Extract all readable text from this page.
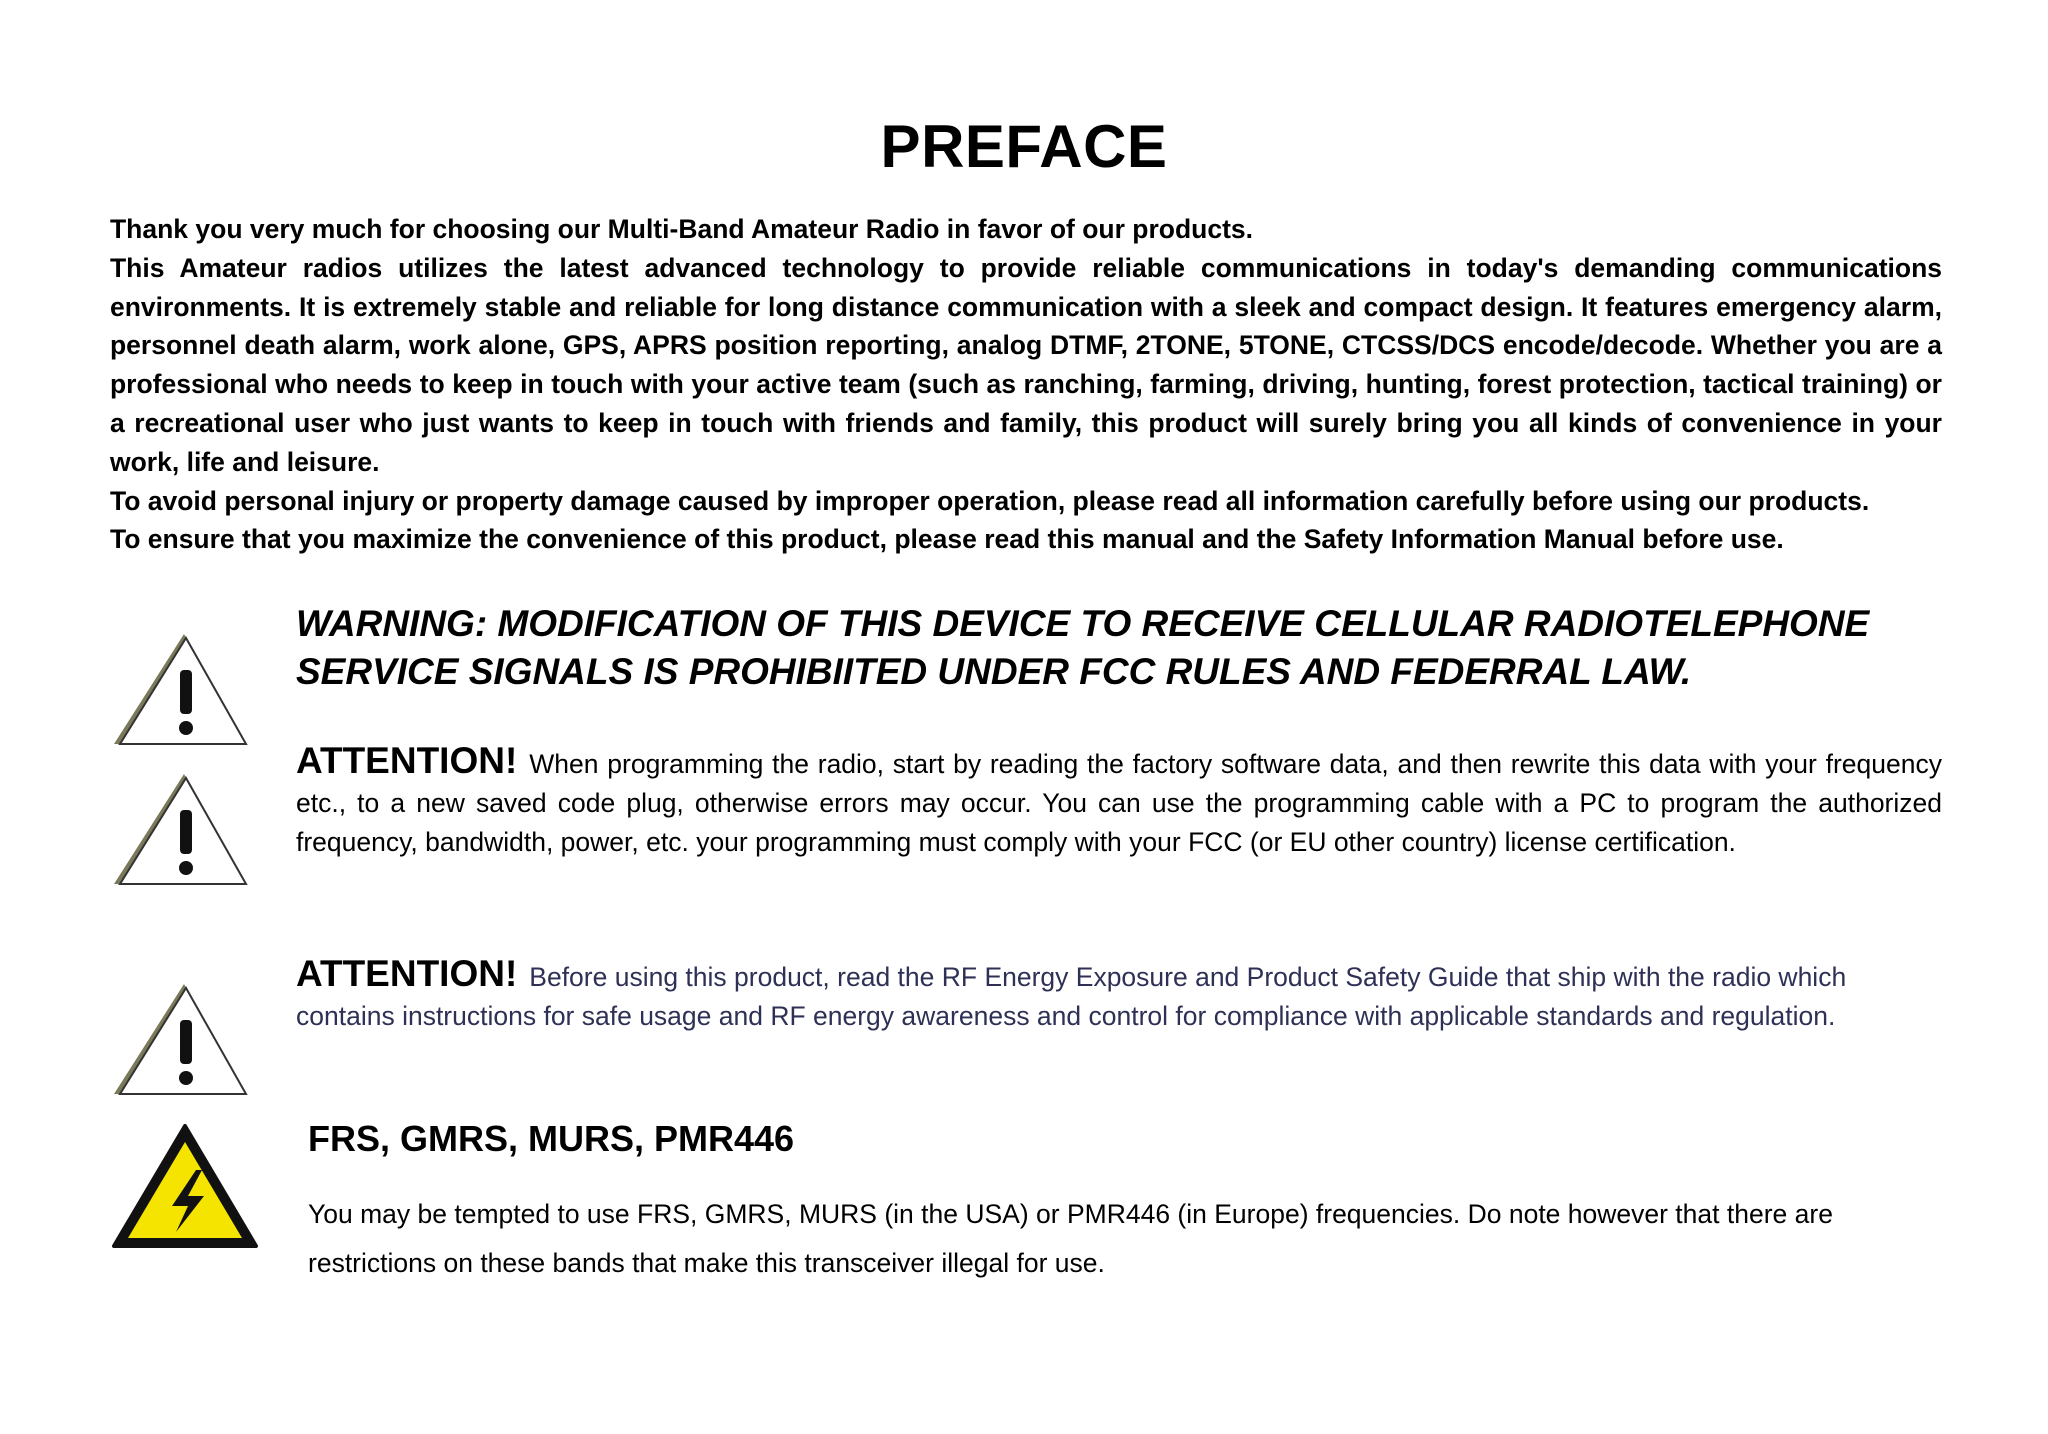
PREFACE

Thank you very much for choosing our Multi-Band Amateur Radio in favor of our products.

This Amateur radios utilizes the latest advanced technology to provide reliable communications in today's demanding communications environments. It is extremely stable and reliable for long distance communication with a sleek and compact design. It features emergency alarm, personnel death alarm, work alone, GPS, APRS position reporting, analog DTMF, 2TONE, 5TONE, CTCSS/DCS encode/decode. Whether you are a professional who needs to keep in touch with your active team (such as ranching, farming, driving, hunting, forest protection, tactical training) or a recreational user who just wants to keep in touch with friends and family, this product will surely bring you all kinds of convenience in your work, life and leisure.

To avoid personal injury or property damage caused by improper operation, please read all information carefully before using our products.

To ensure that you maximize the convenience of this product, please read this manual and the Safety Information Manual before use.

WARNING: MODIFICATION OF THIS DEVICE TO RECEIVE CELLULAR RADIOTELEPHONE SERVICE SIGNALS IS PROHIBIITED UNDER FCC RULES AND FEDERRAL LAW.
ATTENTION! When programming the radio, start by reading the factory software data, and then rewrite this data with your frequency etc., to a new saved code plug, otherwise errors may occur. You can use the programming cable with a PC to program the authorized frequency, bandwidth, power, etc. your programming must comply with your FCC (or EU other country) license certification.
ATTENTION! Before using this product, read the RF Energy Exposure and Product Safety Guide that ship with the radio which contains instructions for safe usage and RF energy awareness and control for compliance with applicable standards and regulation.
FRS, GMRS, MURS, PMR446
You may be tempted to use FRS, GMRS, MURS (in the USA) or PMR446 (in Europe) frequencies. Do note however that there are restrictions on these bands that make this transceiver illegal for use.
